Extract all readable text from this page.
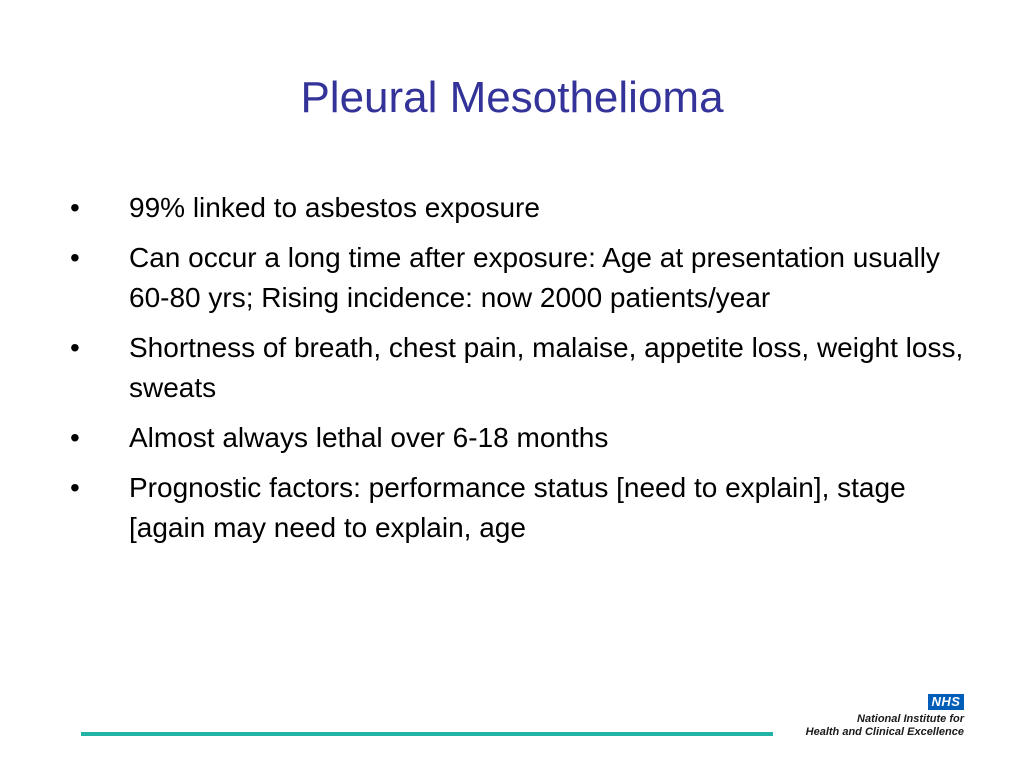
Pleural Mesothelioma
•	99% linked to asbestos exposure
•	Can occur a long time after exposure: Age at presentation usually 60-80 yrs; Rising incidence: now 2000 patients/year
•	Shortness of breath, chest pain, malaise, appetite loss, weight loss, sweats
•	Almost always lethal over 6-18 months
•	Prognostic factors: performance status [need to explain], stage [again may need to explain, age
NHS
National Institute for
Health and Clinical Excellence
